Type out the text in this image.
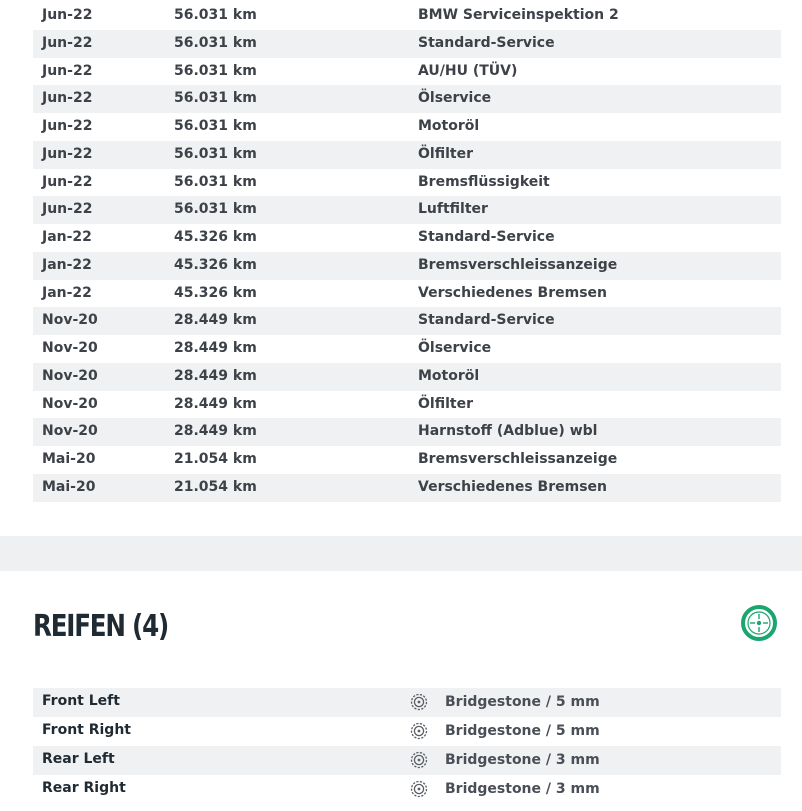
Jun-22	56.031 km	BMW Serviceinspektion 2
Jun-22	56.031 km	Standard-Service
Jun-22	56.031 km	AU/HU (TÜV)
Jun-22	56.031 km	Ölservice
Jun-22	56.031 km	Motoröl
Jun-22	56.031 km	Ölfilter
Jun-22	56.031 km	Bremsflüssigkeit
Jun-22	56.031 km	Luftfilter
Jan-22	45.326 km	Standard-Service
Jan-22	45.326 km	Bremsverschleissanzeige
Jan-22	45.326 km	Verschiedenes Bremsen
Nov-20	28.449 km	Standard-Service
Nov-20	28.449 km	Ölservice
Nov-20	28.449 km	Motoröl
Nov-20	28.449 km	Ölfilter
Nov-20	28.449 km	Harnstoff (Adblue) wbl
Mai-20	21.054 km	Bremsverschleissanzeige
Mai-20	21.054 km	Verschiedenes Bremsen
REIFEN (4)
Front Left	Bridgestone / 5 mm
Front Right	Bridgestone / 5 mm
Rear Left	Bridgestone / 3 mm
Rear Right	Bridgestone / 3 mm
